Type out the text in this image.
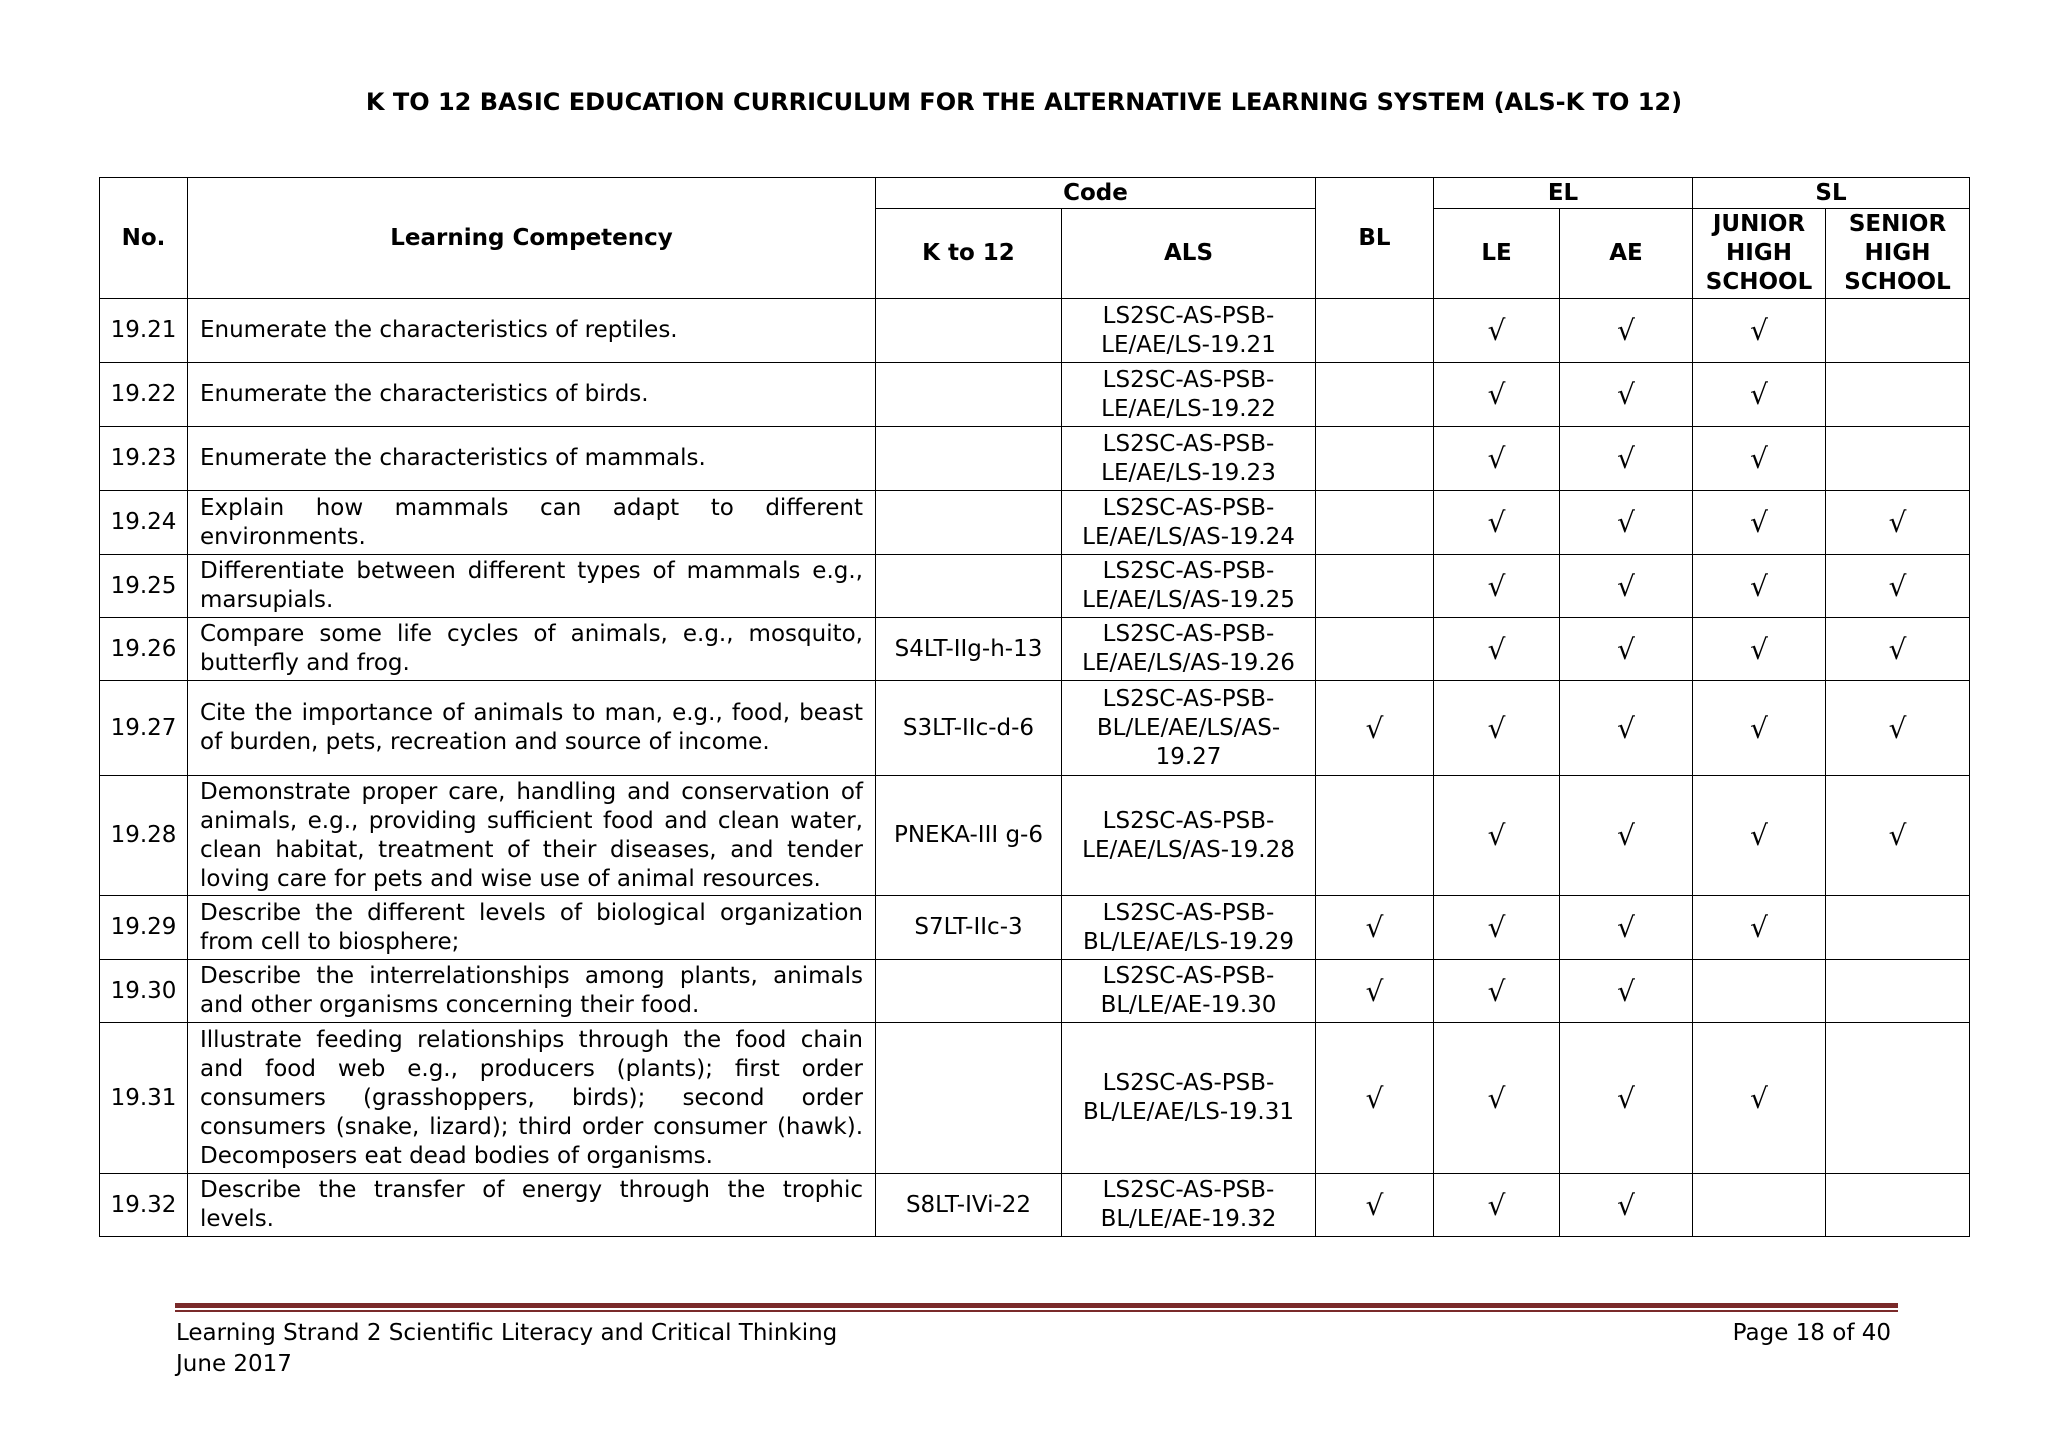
K TO 12 BASIC EDUCATION CURRICULUM FOR THE ALTERNATIVE LEARNING SYSTEM (ALS-K TO 12)
No.	Learning Competency	Code		BL	EL		SL	
		K to 12	ALS		LE	AE	JUNIOR HIGH SCHOOL	SENIOR HIGH SCHOOL
19.21	Enumerate the characteristics of reptiles.		LS2SC-AS-PSB-LE/AE/LS-19.21		√	√	√	
19.22	Enumerate the characteristics of birds.		LS2SC-AS-PSB-LE/AE/LS-19.22		√	√	√	
19.23	Enumerate the characteristics of mammals.		LS2SC-AS-PSB-LE/AE/LS-19.23		√	√	√	
19.24	Explain how mammals can adapt to different environments.		LS2SC-AS-PSB-LE/AE/LS/AS-19.24		√	√	√	√
19.25	Differentiate between different types of mammals e.g., marsupials.		LS2SC-AS-PSB-LE/AE/LS/AS-19.25		√	√	√	√
19.26	Compare some life cycles of animals, e.g., mosquito, butterfly and frog.	S4LT-IIg-h-13	LS2SC-AS-PSB-LE/AE/LS/AS-19.26		√	√	√	√
19.27	Cite the importance of animals to man, e.g., food, beast of burden, pets, recreation and source of income.	S3LT-IIc-d-6	LS2SC-AS-PSB-BL/LE/AE/LS/AS-19.27	√	√	√	√	√
19.28	Demonstrate proper care, handling and conservation of animals, e.g., providing sufficient food and clean water, clean habitat, treatment of their diseases, and tender loving care for pets and wise use of animal resources.	PNEKA-III g-6	LS2SC-AS-PSB-LE/AE/LS/AS-19.28		√	√	√	√
19.29	Describe the different levels of biological organization from cell to biosphere;	S7LT-IIc-3	LS2SC-AS-PSB-BL/LE/AE/LS-19.29	√	√	√	√	
19.30	Describe the interrelationships among plants, animals and other organisms concerning their food.		LS2SC-AS-PSB-BL/LE/AE-19.30	√	√	√		
19.31	Illustrate feeding relationships through the food chain and food web e.g., producers (plants); first order consumers (grasshoppers, birds); second order consumers (snake, lizard); third order consumer (hawk). Decomposers eat dead bodies of organisms.		LS2SC-AS-PSB-BL/LE/AE/LS-19.31	√	√	√	√	
19.32	Describe the transfer of energy through the trophic levels.	S8LT-IVi-22	LS2SC-AS-PSB-BL/LE/AE-19.32	√	√	√		
Learning Strand 2 Scientific Literacy and Critical Thinking
June 2017
Page 18 of 40
